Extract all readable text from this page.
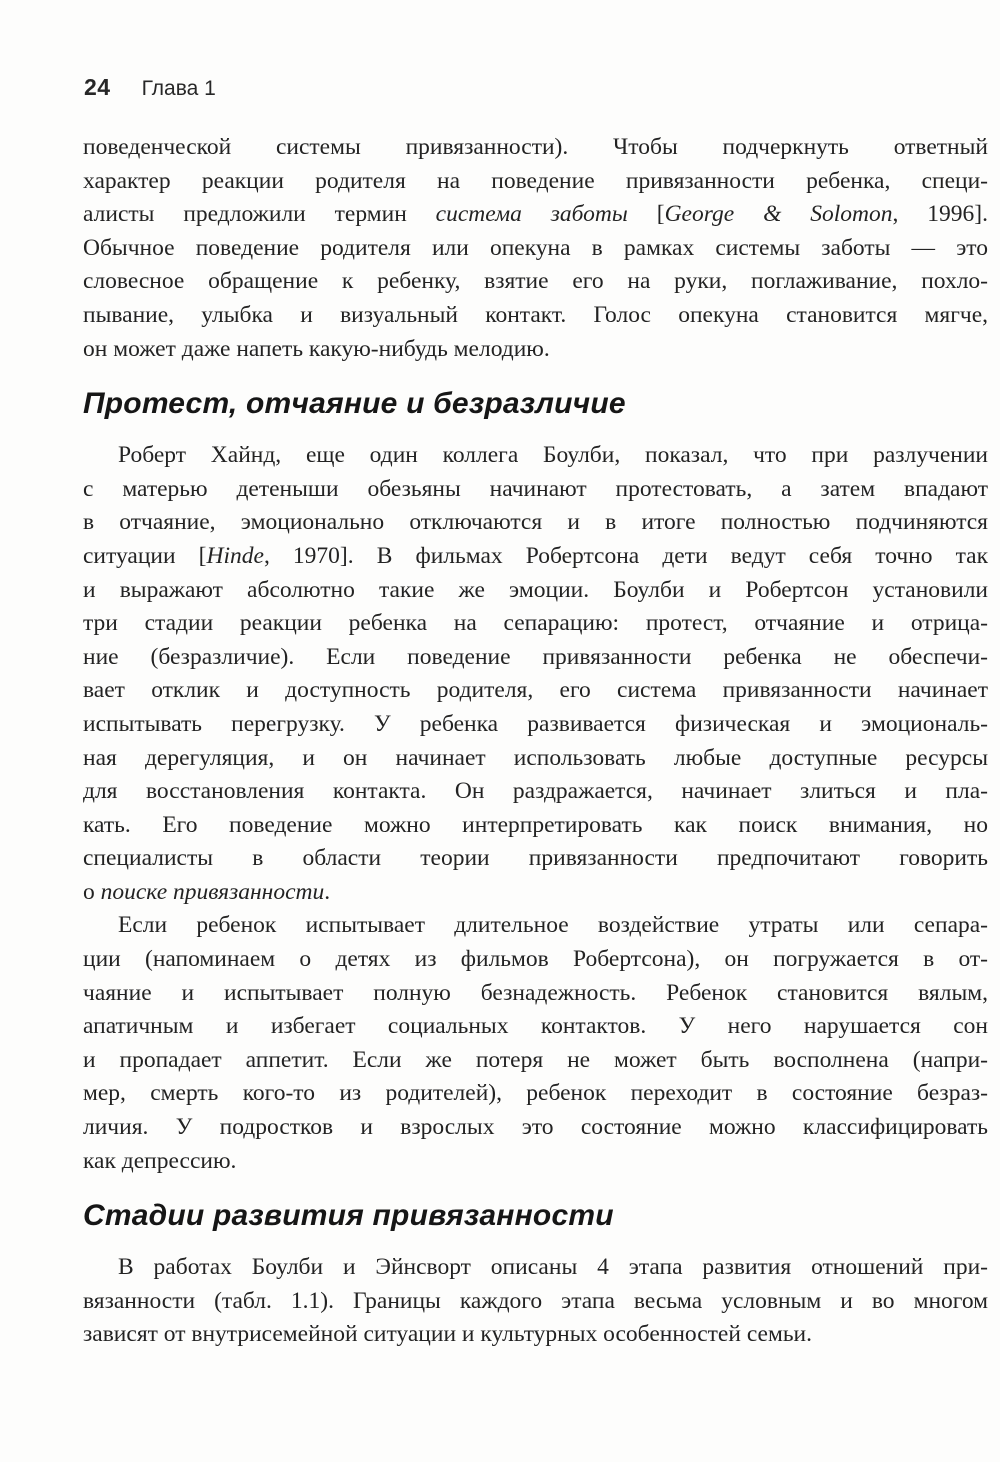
24 Глава 1
поведенческой системы привязанности). Чтобы подчеркнуть ответный
характер реакции родителя на поведение привязанности ребенка, специ-
алисты предложили термин система заботы [George & Solomon, 1996].
Обычное поведение родителя или опекуна в рамках системы заботы — это
словесное обращение к ребенку, взятие его на руки, поглаживание, похло-
пывание, улыбка и визуальный контакт. Голос опекуна становится мягче,
он может даже напеть какую-нибудь мелодию.
Протест, отчаяние и безразличие
Роберт Хайнд, еще один коллега Боулби, показал, что при разлучении
с матерью детеныши обезьяны начинают протестовать, а затем впадают
в отчаяние, эмоционально отключаются и в итоге полностью подчиняются
ситуации [Hinde, 1970]. В фильмах Робертсона дети ведут себя точно так
и выражают абсолютно такие же эмоции. Боулби и Робертсон установили
три стадии реакции ребенка на сепарацию: протест, отчаяние и отрица-
ние (безразличие). Если поведение привязанности ребенка не обеспечи-
вает отклик и доступность родителя, его система привязанности начинает
испытывать перегрузку. У ребенка развивается физическая и эмоциональ-
ная дерегуляция, и он начинает использовать любые доступные ресурсы
для восстановления контакта. Он раздражается, начинает злиться и пла-
кать. Его поведение можно интерпретировать как поиск внимания, но
специалисты в области теории привязанности предпочитают говорить
о поиске привязанности.
Если ребенок испытывает длительное воздействие утраты или сепара-
ции (напоминаем о детях из фильмов Робертсона), он погружается в от-
чаяние и испытывает полную безнадежность. Ребенок становится вялым,
апатичным и избегает социальных контактов. У него нарушается сон
и пропадает аппетит. Если же потеря не может быть восполнена (напри-
мер, смерть кого-то из родителей), ребенок переходит в состояние безраз-
личия. У подростков и взрослых это состояние можно классифицировать
как депрессию.
Стадии развития привязанности
В работах Боулби и Эйнсворт описаны 4 этапа развития отношений при-
вязанности (табл. 1.1). Границы каждого этапа весьма условным и во многом
зависят от внутрисемейной ситуации и культурных особенностей семьи.
